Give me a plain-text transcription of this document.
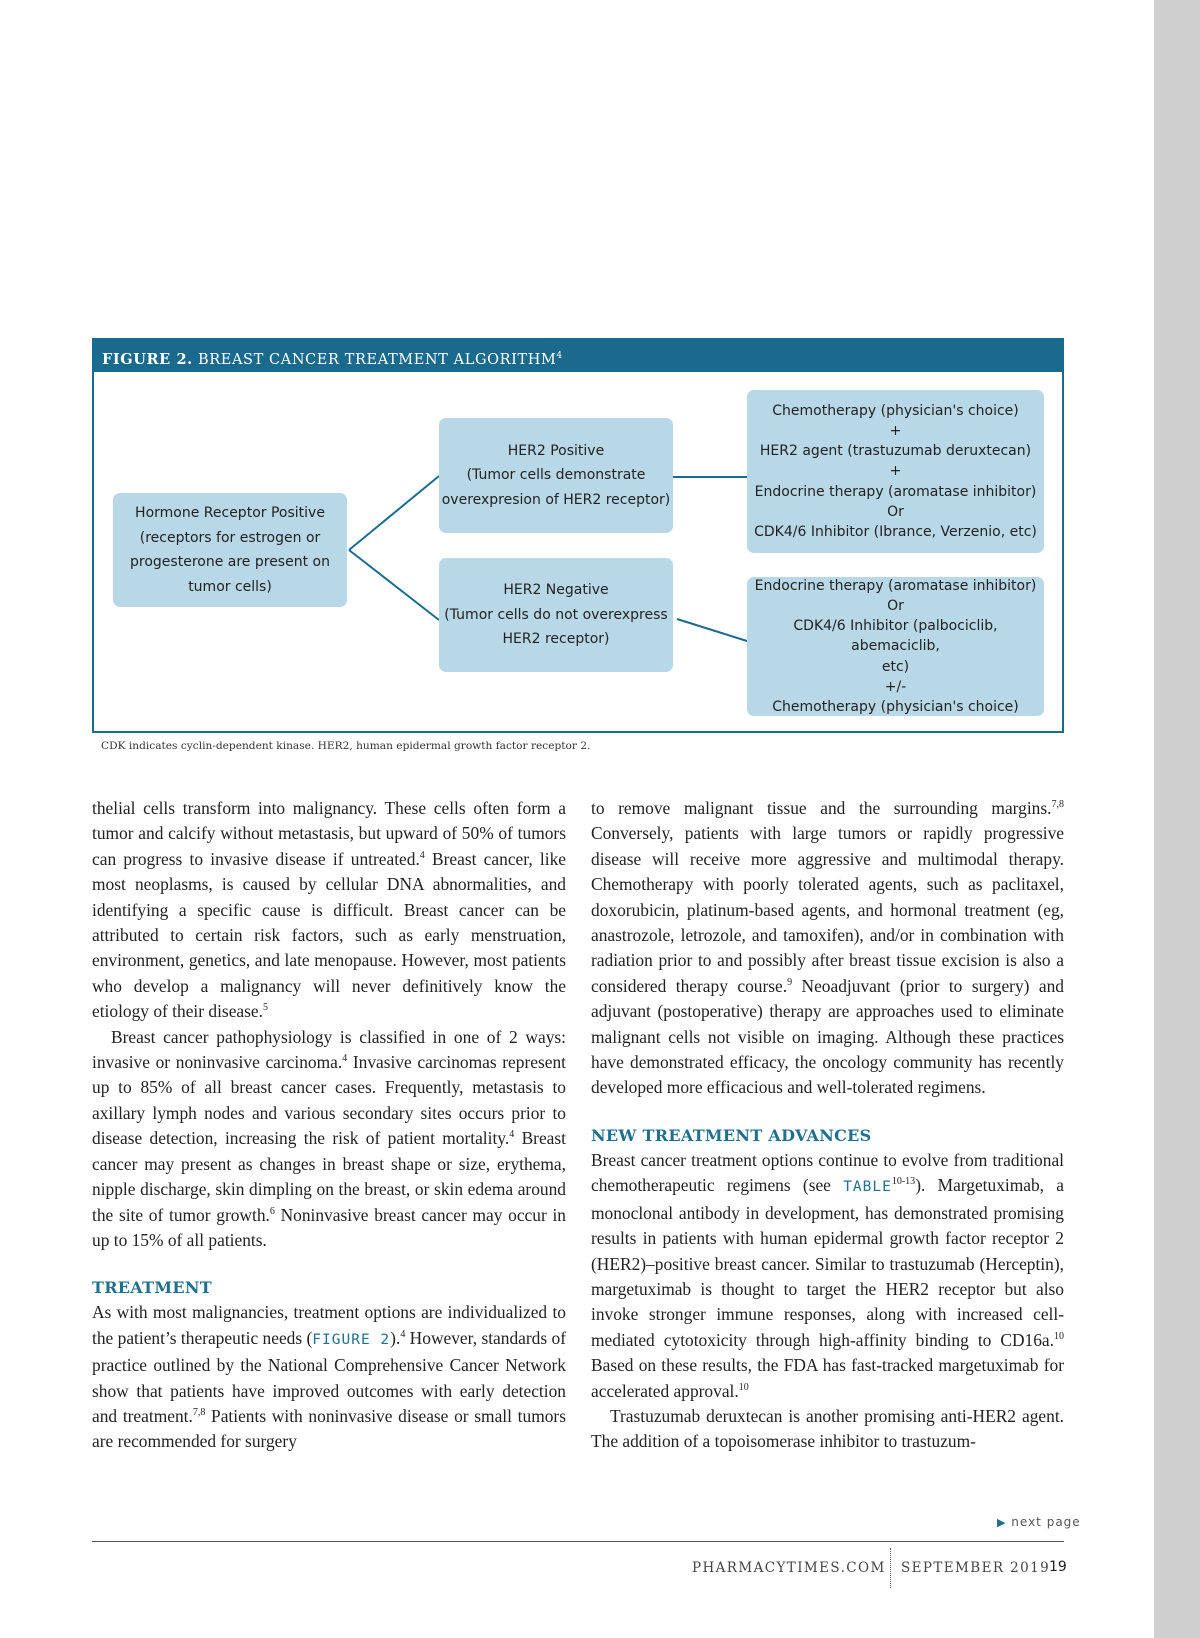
FIGURE 2. BREAST CANCER TREATMENT ALGORITHM$^4$
Hormone Receptor Positive
(receptors for estrogen or
progesterone are present on
tumor cells)
HER2 Positive
(Tumor cells demonstrate
overexpresion of HER2 receptor)
HER2 Negative
(Tumor cells do not overexpress
HER2 receptor)
Chemotherapy (physician's choice)
+
HER2 agent (trastuzumab deruxtecan)
+
Endocrine therapy (aromatase inhibitor)
Or
CDK4/6 Inhibitor (Ibrance, Verzenio, etc)
Endocrine therapy (aromatase inhibitor)
Or
CDK4/6 Inhibitor (palbociclib, abemaciclib,
etc)
+/-
Chemotherapy (physician's choice)
CDK indicates cyclin-dependent kinase. HER2, human epidermal growth factor receptor 2.

thelial cells transform into malignancy. These cells often form a tumor and calcify without metastasis, but upward of 50% of tumors can progress to invasive disease if untreated.$^4$ Breast cancer, like most neoplasms, is caused by cellular DNA abnormalities, and identifying a specific cause is difficult. Breast cancer can be attributed to certain risk factors, such as early menstruation, environment, genetics, and late menopause. However, most patients who develop a malignancy will never definitively know the etiology of their disease.$^5$

Breast cancer pathophysiology is classified in one of 2 ways: invasive or noninvasive carcinoma.$^4$ Invasive carcinomas represent up to 85% of all breast cancer cases. Frequently, metastasis to axillary lymph nodes and various secondary sites occurs prior to disease detection, increasing the risk of patient mortality.$^4$ Breast cancer may present as changes in breast shape or size, erythema, nipple discharge, skin dimpling on the breast, or skin edema around the site of tumor growth.$^6$ Noninvasive breast cancer may occur in up to 15% of all patients.

TREATMENT

As with most malignancies, treatment options are individualized to the patient’s therapeutic needs (FIGURE 2).$^4$ However, standards of practice outlined by the National Comprehensive Cancer Network show that patients have improved outcomes with early detection and treatment.$^{7,8}$ Patients with noninvasive disease or small tumors are recommended for surgery

to remove malignant tissue and the surrounding margins.$^{7,8}$ Conversely, patients with large tumors or rapidly progressive disease will receive more aggressive and multimodal therapy. Chemotherapy with poorly tolerated agents, such as paclitaxel, doxorubicin, platinum-based agents, and hormonal treatment (eg, anastrozole, letrozole, and tamoxifen), and/or in combination with radiation prior to and possibly after breast tissue excision is also a considered therapy course.$^9$ Neoadjuvant (prior to surgery) and adjuvant (postoperative) therapy are approaches used to eliminate malignant cells not visible on imaging. Although these practices have demonstrated efficacy, the oncology community has recently developed more efficacious and well-tolerated regimens.

NEW TREATMENT ADVANCES

Breast cancer treatment options continue to evolve from traditional chemotherapeutic regimens (see TABLE$^{10-13}$). Margetuximab, a monoclonal antibody in development, has demonstrated promising results in patients with human epidermal growth factor receptor 2 (HER2)–positive breast cancer. Similar to trastuzumab (Herceptin), margetuximab is thought to target the HER2 receptor but also invoke stronger immune responses, along with increased cell-mediated cytotoxicity through high-affinity binding to CD16a.$^{10}$ Based on these results, the FDA has fast-tracked margetuximab for accelerated approval.$^{10}$

Trastuzumab deruxtecan is another promising anti-HER2 agent. The addition of a topoisomerase inhibitor to trastuzum-

▶ next page
PHARMACYTIMES.COM SEPTEMBER 2019
19
